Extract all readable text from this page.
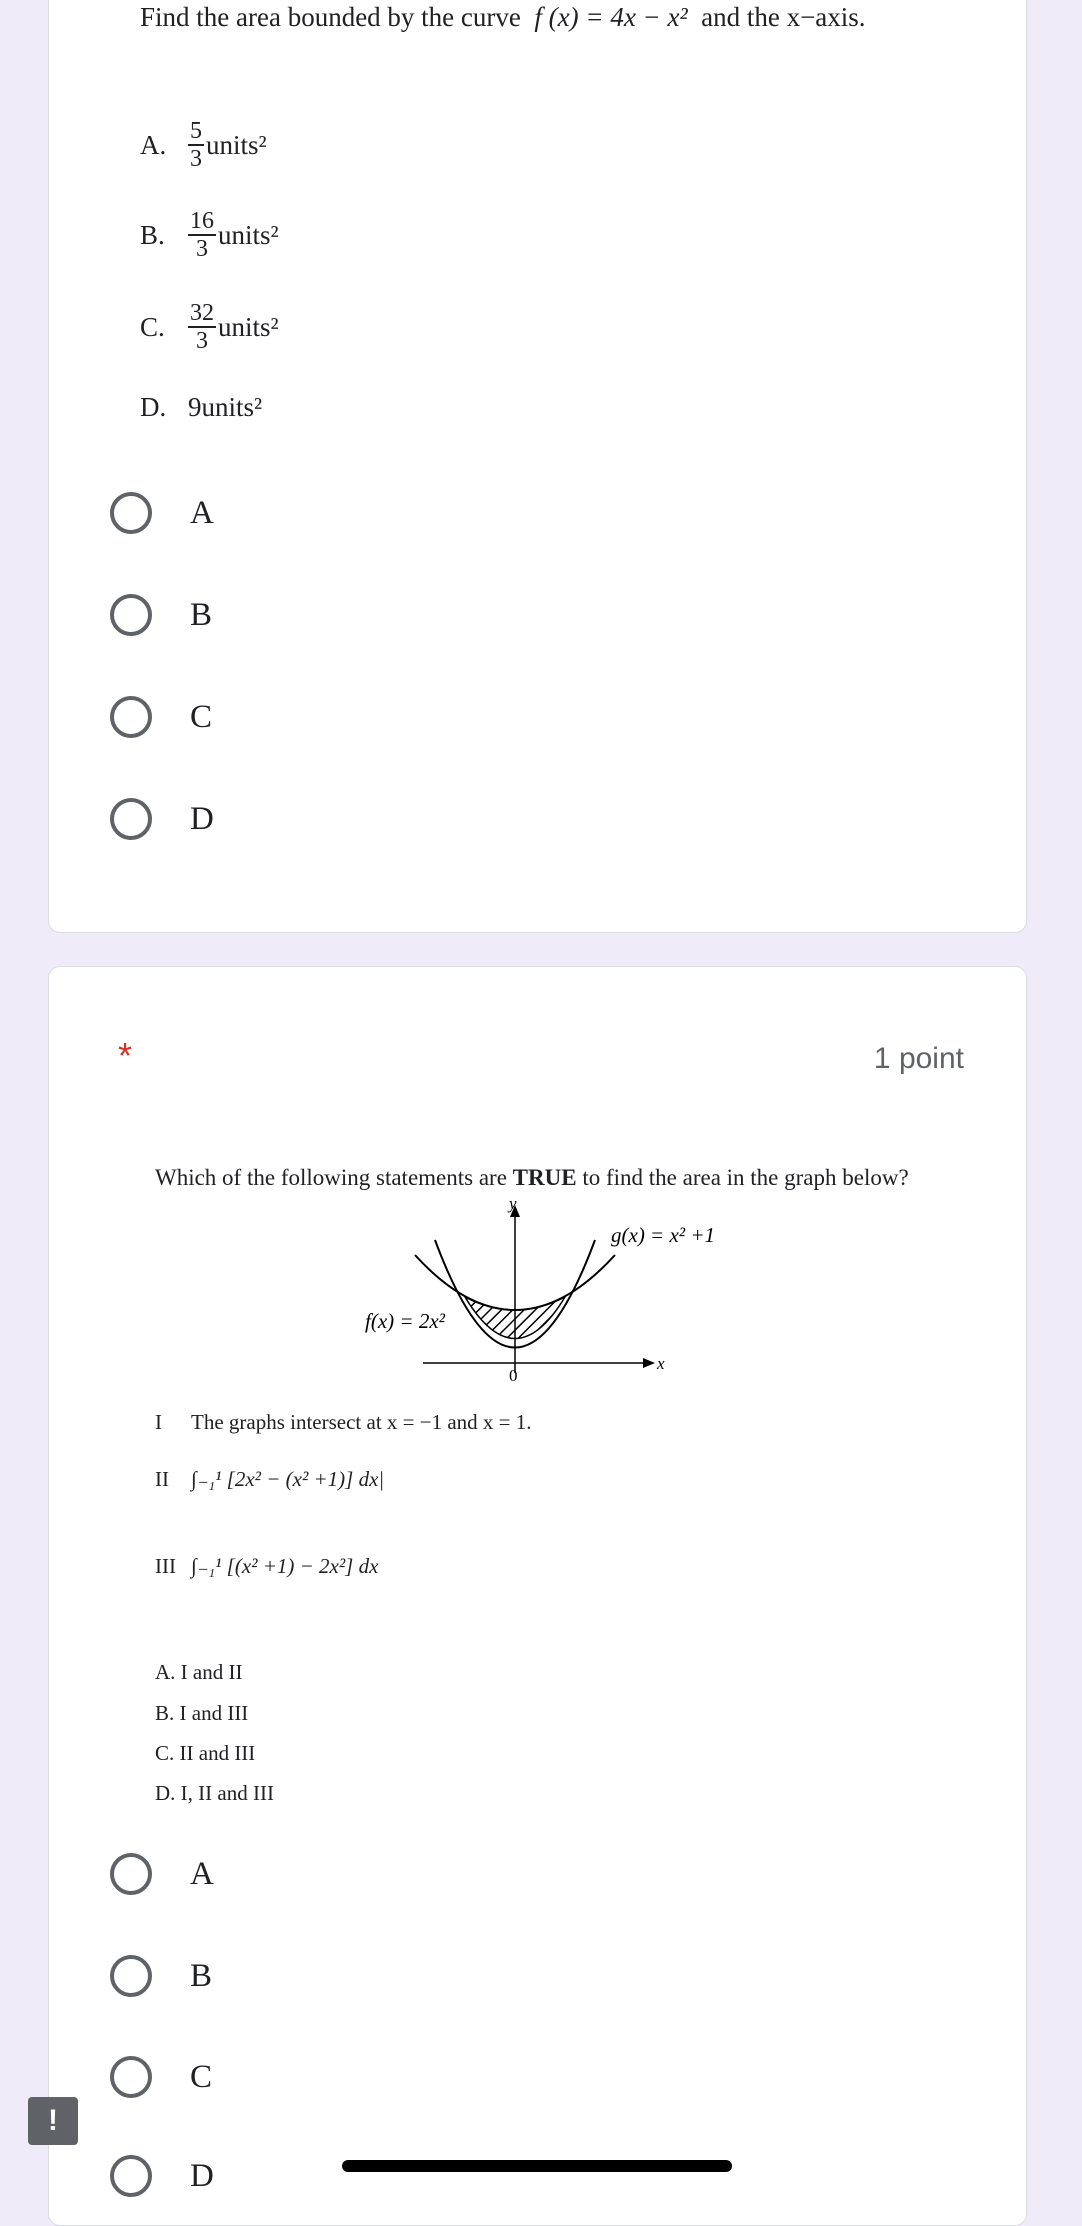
Find the area bounded by the curve f (x) = 4x − x² and the x−axis.
A. $\frac{5}{3}$ units²
B. $\frac{16}{3}$ units²
C. $\frac{32}{3}$ units²
D. 9units²
A
B
C
D
*	1 point
Which of the following statements are TRUE to find the area in the graph below?
y
x
0
g(x) = x² +1
f(x) = 2x²
I The graphs intersect at x = −1 and x = 1.
II ∫₋₁¹ [2x² − (x² +1)] dx|
III ∫₋₁¹ [(x² +1) − 2x²] dx
A. I and II
B. I and III
C. II and III
D. I, II and III
A
B
C
D
!
